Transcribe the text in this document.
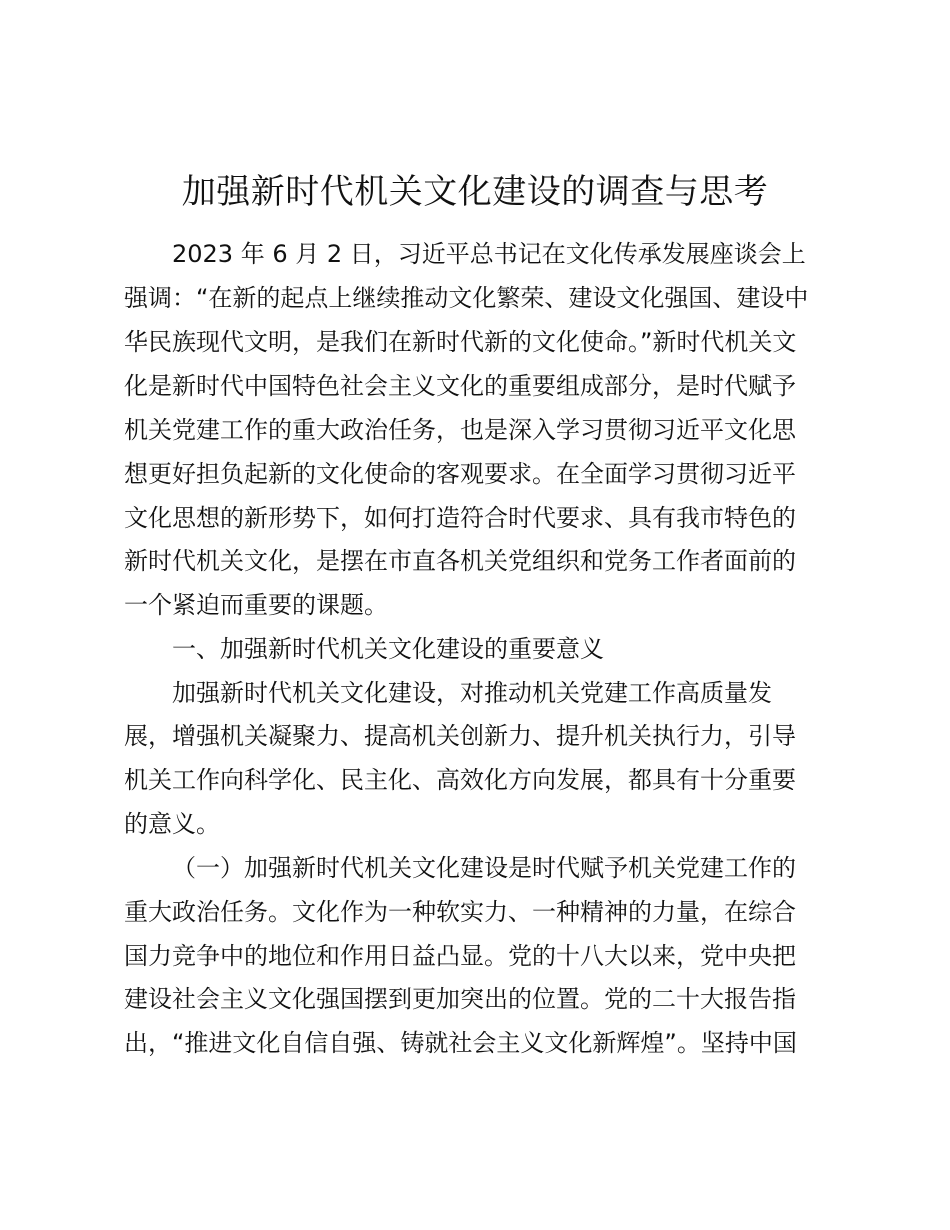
加强新时代机关文化建设的调查与思考
2023 年 6 月 2 日，习近平总书记在文化传承发展座谈会上
强调：“在新的起点上继续推动文化繁荣、建设文化强国、建设中
华民族现代文明，是我们在新时代新的文化使命。”新时代机关文
化是新时代中国特色社会主义文化的重要组成部分，是时代赋予
机关党建工作的重大政治任务，也是深入学习贯彻习近平文化思
想更好担负起新的文化使命的客观要求。在全面学习贯彻习近平
文化思想的新形势下，如何打造符合时代要求、具有我市特色的
新时代机关文化，是摆在市直各机关党组织和党务工作者面前的
一个紧迫而重要的课题。
一、加强新时代机关文化建设的重要意义
加强新时代机关文化建设，对推动机关党建工作高质量发
展，增强机关凝聚力、提高机关创新力、提升机关执行力，引导
机关工作向科学化、民主化、高效化方向发展，都具有十分重要
的意义。
（一）加强新时代机关文化建设是时代赋予机关党建工作的
重大政治任务。文化作为一种软实力、一种精神的力量，在综合
国力竞争中的地位和作用日益凸显。党的十八大以来，党中央把
建设社会主义文化强国摆到更加突出的位置。党的二十大报告指
出，“推进文化自信自强、铸就社会主义文化新辉煌”。坚持中国
